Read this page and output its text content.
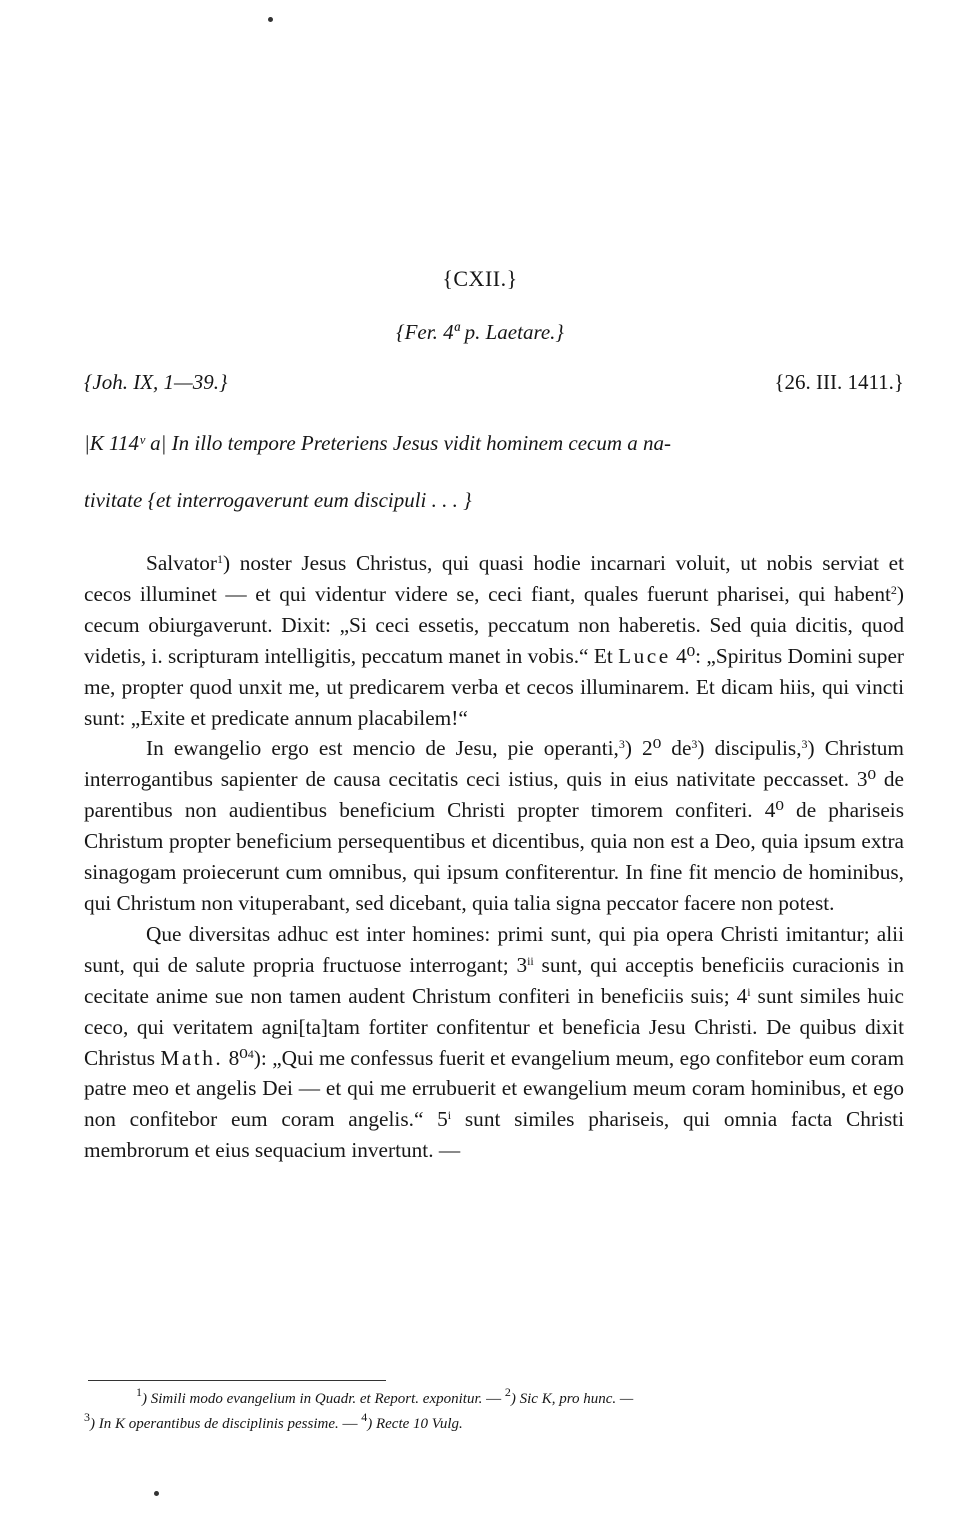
{CXII.}
{Fer. 4ª p. Laetare.}
{Joh. IX, 1—39.}	{26. III. 1411.}
|K 114ᵛ a| In illo tempore Preteriens Jesus vidit hominem cecum a na-
tivitate {et interrogaverunt eum discipuli . . . }

Salvator$^1$) noster Jesus Christus, qui quasi hodie incarnari voluit, ut nobis serviat et cecos illuminet — et qui videntur videre se, ceci fiant, quales fuerunt pharisei, qui habent$^2$) cecum obiurgaverunt. Dixit: „Si ceci essetis, peccatum non haberetis. Sed quia dicitis, quod videtis, i. scripturam intelligitis, peccatum manet in vobis.“ Et Luce 4⁰: „Spiritus Domini super me, propter quod unxit me, ut predicarem verba et cecos illuminarem. Et dicam hiis, qui vincti sunt: „Exite et predicate annum placabilem!“

In ewangelio ergo est mencio de Jesu, pie operanti,$^3$) 2⁰ $de^3$) discipulis,$^3$) Christum interrogantibus sapienter de causa cecitatis ceci istius, quis in eius nativitate peccasset. 3⁰ de parentibus non audientibus beneficium Christi propter timorem confiteri. 4⁰ de phariseis Christum propter beneficium persequentibus et dicentibus, quia non est a Deo, quia ipsum extra sinagogam proiecerunt cum omnibus, qui ipsum confiterentur. In fine fit mencio de hominibus, qui Christum non vituperabant, sed dicebant, quia talia signa peccator facere non potest.

Que diversitas adhuc est inter homines: primi sunt, qui pia opera Christi imitantur; alii sunt, qui de salute propria fructuose interrogant; 3$^{ii}$ sunt, qui acceptis beneficiis curacionis in cecitate anime sue non tamen audent Christum confiteri in beneficiis suis; 4$^i$ sunt similes huic ceco, qui veritatem agni[ta]tam fortiter confitentur et beneficia Jesu Christi. De quibus dixit Christus Math. 8⁰$^4$): „Qui me confessus fuerit et evangelium meum, ego confitebor eum coram patre meo et angelis Dei — et qui me errubuerit et ewangelium meum coram hominibus, et ego non confitebor eum coram angelis.“ 5$^i$ sunt similes phariseis, qui omnia facta Christi membrorum et eius sequacium invertunt. —

$^1$) Simili modo evangelium in Quadr. et Report. exponitur. — $^2$) Sic K, pro hunc. —
$^3$) In K operantibus de disciplinis pessime. — $^4$) Recte 10 Vulg.
